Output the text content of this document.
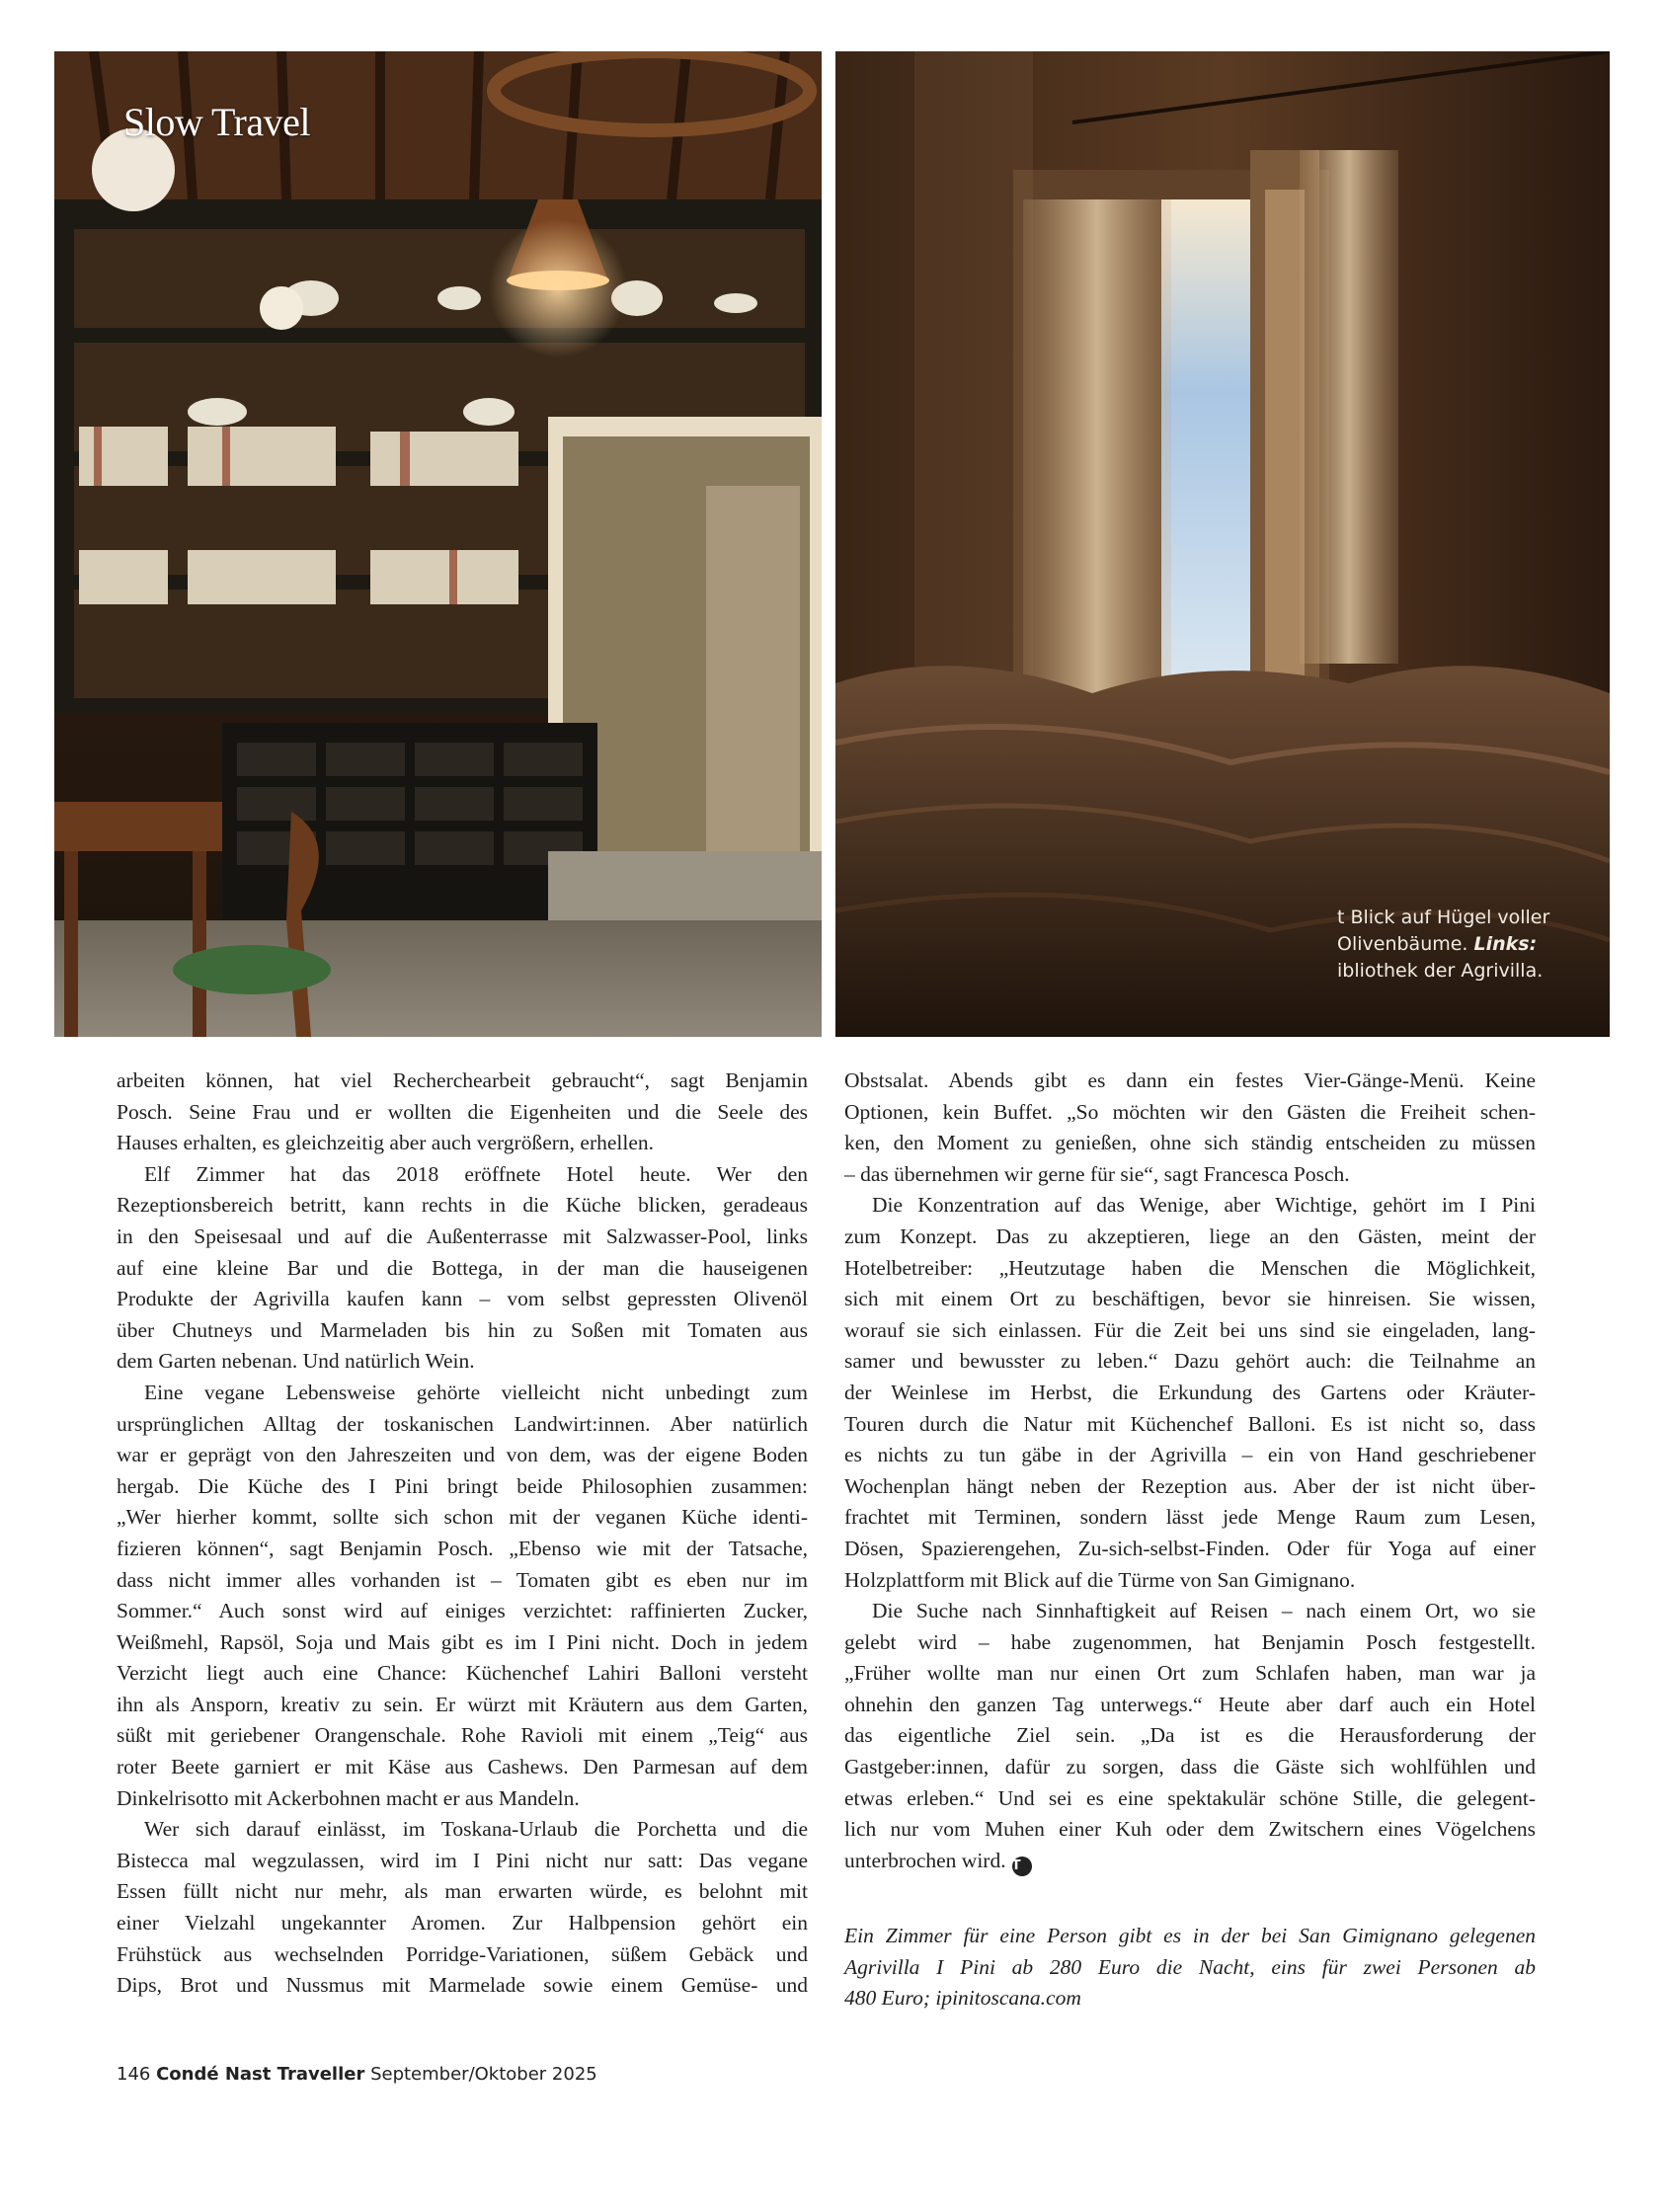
Slow Travel
t Blick auf Hügel voller
Olivenbäume. Links:
ibliothek der Agrivilla.
arbeiten können, hat viel Recherchearbeit gebraucht“, sagt Benjamin
Posch. Seine Frau und er wollten die Eigenheiten und die Seele des
Hauses erhalten, es gleichzeitig aber auch vergrößern, erhellen.
Elf Zimmer hat das 2018 eröffnete Hotel heute. Wer den
Rezeptionsbereich betritt, kann rechts in die Küche blicken, geradeaus
in den Speisesaal und auf die Außenterrasse mit Salzwasser-Pool, links
auf eine kleine Bar und die Bottega, in der man die hauseigenen
Produkte der Agrivilla kaufen kann – vom selbst gepressten Olivenöl
über Chutneys und Marmeladen bis hin zu Soßen mit Tomaten aus
dem Garten nebenan. Und natürlich Wein.
Eine vegane Lebensweise gehörte vielleicht nicht unbedingt zum
ursprünglichen Alltag der toskanischen Landwirt:innen. Aber natürlich
war er geprägt von den Jahreszeiten und von dem, was der eigene Boden
hergab. Die Küche des I Pini bringt beide Philosophien zusammen:
„Wer hierher kommt, sollte sich schon mit der veganen Küche identi-
fizieren können“, sagt Benjamin Posch. „Ebenso wie mit der Tatsache,
dass nicht immer alles vorhanden ist – Tomaten gibt es eben nur im
Sommer.“ Auch sonst wird auf einiges verzichtet: raffinierten Zucker,
Weißmehl, Rapsöl, Soja und Mais gibt es im I Pini nicht. Doch in jedem
Verzicht liegt auch eine Chance: Küchenchef Lahiri Balloni versteht
ihn als Ansporn, kreativ zu sein. Er würzt mit Kräutern aus dem Garten,
süßt mit geriebener Orangenschale. Rohe Ravioli mit einem „Teig“ aus
roter Beete garniert er mit Käse aus Cashews. Den Parmesan auf dem
Dinkelrisotto mit Ackerbohnen macht er aus Mandeln.
Wer sich darauf einlässt, im Toskana-Urlaub die Porchetta und die
Bistecca mal wegzulassen, wird im I Pini nicht nur satt: Das vegane
Essen füllt nicht nur mehr, als man erwarten würde, es belohnt mit
einer Vielzahl ungekannter Aromen. Zur Halbpension gehört ein
Frühstück aus wechselnden Porridge-Variationen, süßem Gebäck und
Dips, Brot und Nussmus mit Marmelade sowie einem Gemüse- und
Obstsalat. Abends gibt es dann ein festes Vier-Gänge-Menü. Keine
Optionen, kein Buffet. „So möchten wir den Gästen die Freiheit schen-
ken, den Moment zu genießen, ohne sich ständig entscheiden zu müssen
– das übernehmen wir gerne für sie“, sagt Francesca Posch.
Die Konzentration auf das Wenige, aber Wichtige, gehört im I Pini
zum Konzept. Das zu akzeptieren, liege an den Gästen, meint der
Hotelbetreiber: „Heutzutage haben die Menschen die Möglichkeit,
sich mit einem Ort zu beschäftigen, bevor sie hinreisen. Sie wissen,
worauf sie sich einlassen. Für die Zeit bei uns sind sie eingeladen, lang-
samer und bewusster zu leben.“ Dazu gehört auch: die Teilnahme an
der Weinlese im Herbst, die Erkundung des Gartens oder Kräuter-
Touren durch die Natur mit Küchenchef Balloni. Es ist nicht so, dass
es nichts zu tun gäbe in der Agrivilla – ein von Hand geschriebener
Wochenplan hängt neben der Rezeption aus. Aber der ist nicht über-
frachtet mit Terminen, sondern lässt jede Menge Raum zum Lesen,
Dösen, Spazierengehen, Zu-sich-selbst-Finden. Oder für Yoga auf einer
Holzplattform mit Blick auf die Türme von San Gimignano.
Die Suche nach Sinnhaftigkeit auf Reisen – nach einem Ort, wo sie
gelebt wird – habe zugenommen, hat Benjamin Posch festgestellt.
„Früher wollte man nur einen Ort zum Schlafen haben, man war ja
ohnehin den ganzen Tag unterwegs.“ Heute aber darf auch ein Hotel
das eigentliche Ziel sein. „Da ist es die Herausforderung der
Gastgeber:innen, dafür zu sorgen, dass die Gäste sich wohlfühlen und
etwas erleben.“ Und sei es eine spektakulär schöne Stille, die gelegent-
lich nur vom Muhen einer Kuh oder dem Zwitschern eines Vögelchens
unterbrochen wird. T
Ein Zimmer für eine Person gibt es in der bei San Gimignano gelegenen
Agrivilla I Pini ab 280 Euro die Nacht, eins für zwei Personen ab
480 Euro; ipinitoscana.com
146 Condé Nast Traveller September/Oktober 2025
